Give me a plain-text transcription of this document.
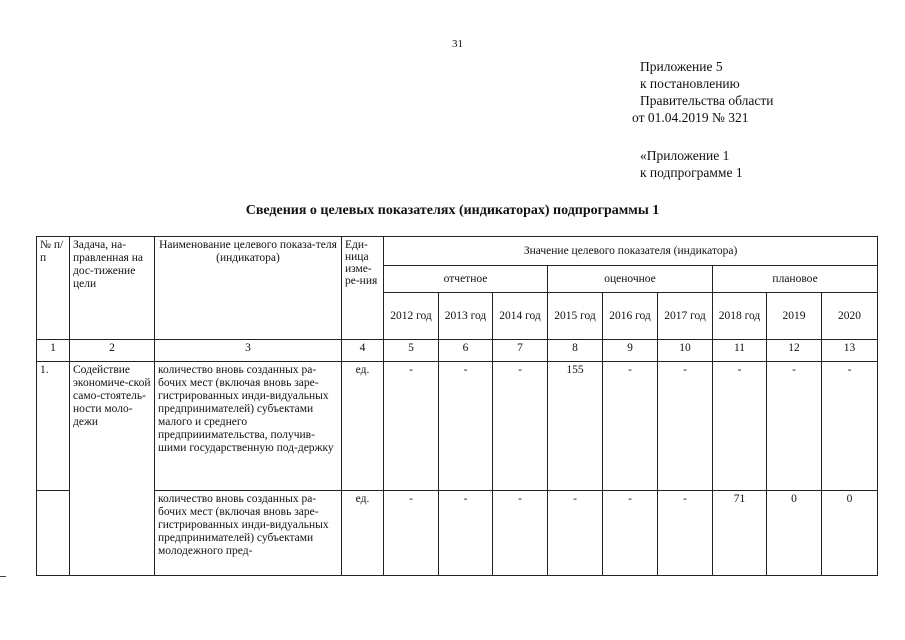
31
Приложение 5
к постановлению
Правительства области
от 01.04.2019 № 321
«Приложение 1
к подпрограмме 1
Сведения о целевых показателях (индикаторах) подпрограммы 1
№ п/п	Задача, на-правленная на дос-тижение цели	Наименование целевого показа-теля (индикатора)	Еди-ница изме-ре-ния	Значение целевого показателя (индикатора)								
				отчетное			оценочное			плановое		
				2012 год	2013 год	2014 год	2015 год	2016 год	2017 год	2018 год	2019	2020
1	2	3	4	5	6	7	8	9	10	11	12	13
1.	Содействие экономиче-ской само-стоятель-ности моло-дежи	количество вновь созданных ра-бочих мест (включая вновь заре-гистрированных инди-видуальных предпринимателей) субъектами малого и среднего предприиимательства, получив-шими государственную под-держку	ед.	-	-	-	155	-	-	-	-	-
		количество вновь созданных ра-бочих мест (включая вновь заре-гистрированных инди-видуальных предпринимателей) субъектами молодежного пред-	ед.	-	-	-	-	-	-	71	0	0
